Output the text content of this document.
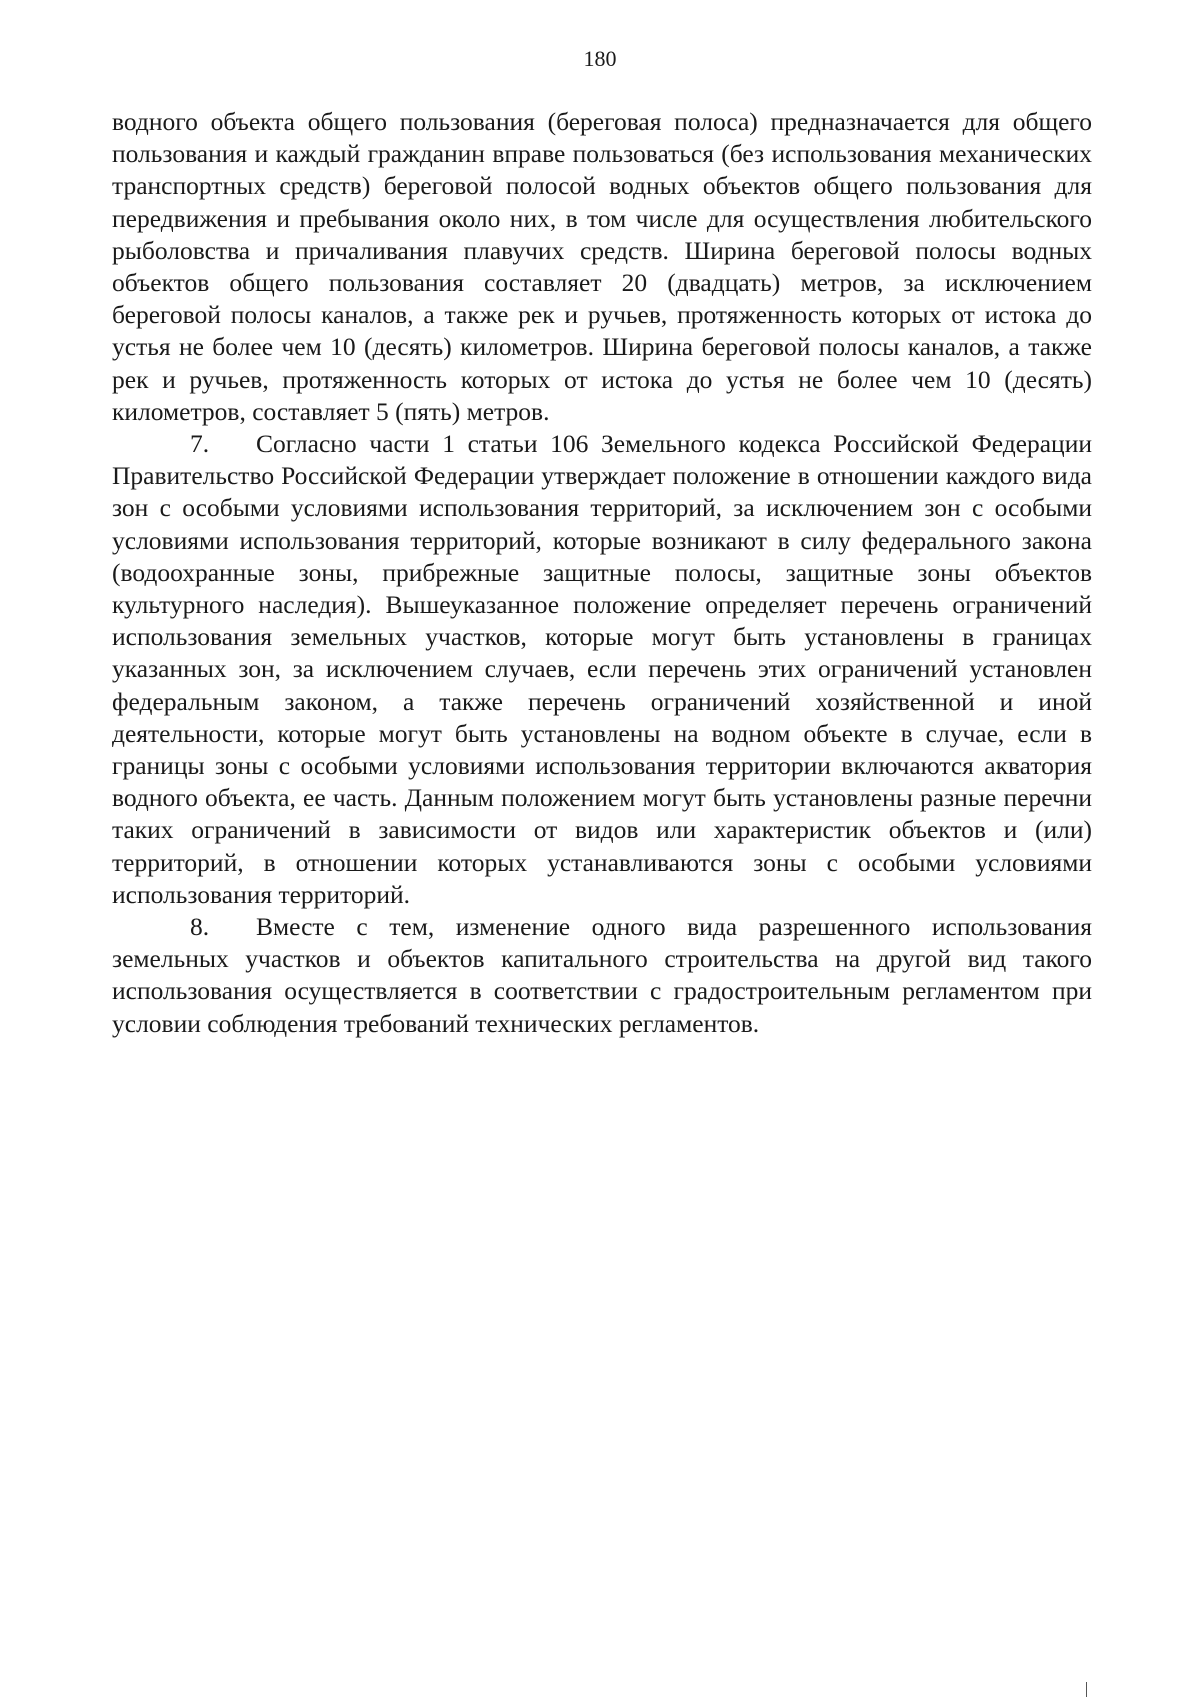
180

водного объекта общего пользования (береговая полоса) предназначается для общего пользования и каждый гражданин вправе пользоваться (без использования механических транспортных средств) береговой полосой водных объектов общего пользования для передвижения и пребывания около них, в том числе для осуществления любительского рыболовства и причаливания плавучих средств. Ширина береговой полосы водных объектов общего пользования составляет 20 (двадцать) метров, за исключением береговой полосы каналов, а также рек и ручьев, протяженность которых от истока до устья не более чем 10 (десять) километров. Ширина береговой полосы каналов, а также рек и ручьев, протяженность которых от истока до устья не более чем 10 (десять) километров, составляет 5 (пять) метров.

7. Согласно части 1 статьи 106 Земельного кодекса Российской Федерации Правительство Российской Федерации утверждает положение в отношении каждого вида зон с особыми условиями использования территорий, за исключением зон с особыми условиями использования территорий, которые возникают в силу федерального закона (водоохранные зоны, прибрежные защитные полосы, защитные зоны объектов культурного наследия). Вышеуказанное положение определяет перечень ограничений использования земельных участков, которые могут быть установлены в границах указанных зон, за исключением случаев, если перечень этих ограничений установлен федеральным законом, а также перечень ограничений хозяйственной и иной деятельности, которые могут быть установлены на водном объекте в случае, если в границы зоны с особыми условиями использования территории включаются акватория водного объекта, ее часть. Данным положением могут быть установлены разные перечни таких ограничений в зависимости от видов или характеристик объектов и (или) территорий, в отношении которых устанавливаются зоны с особыми условиями использования территорий.

8. Вместе с тем, изменение одного вида разрешенного использования земельных участков и объектов капитального строительства на другой вид такого использования осуществляется в соответствии с градостроительным регламентом при условии соблюдения требований технических регламентов.
